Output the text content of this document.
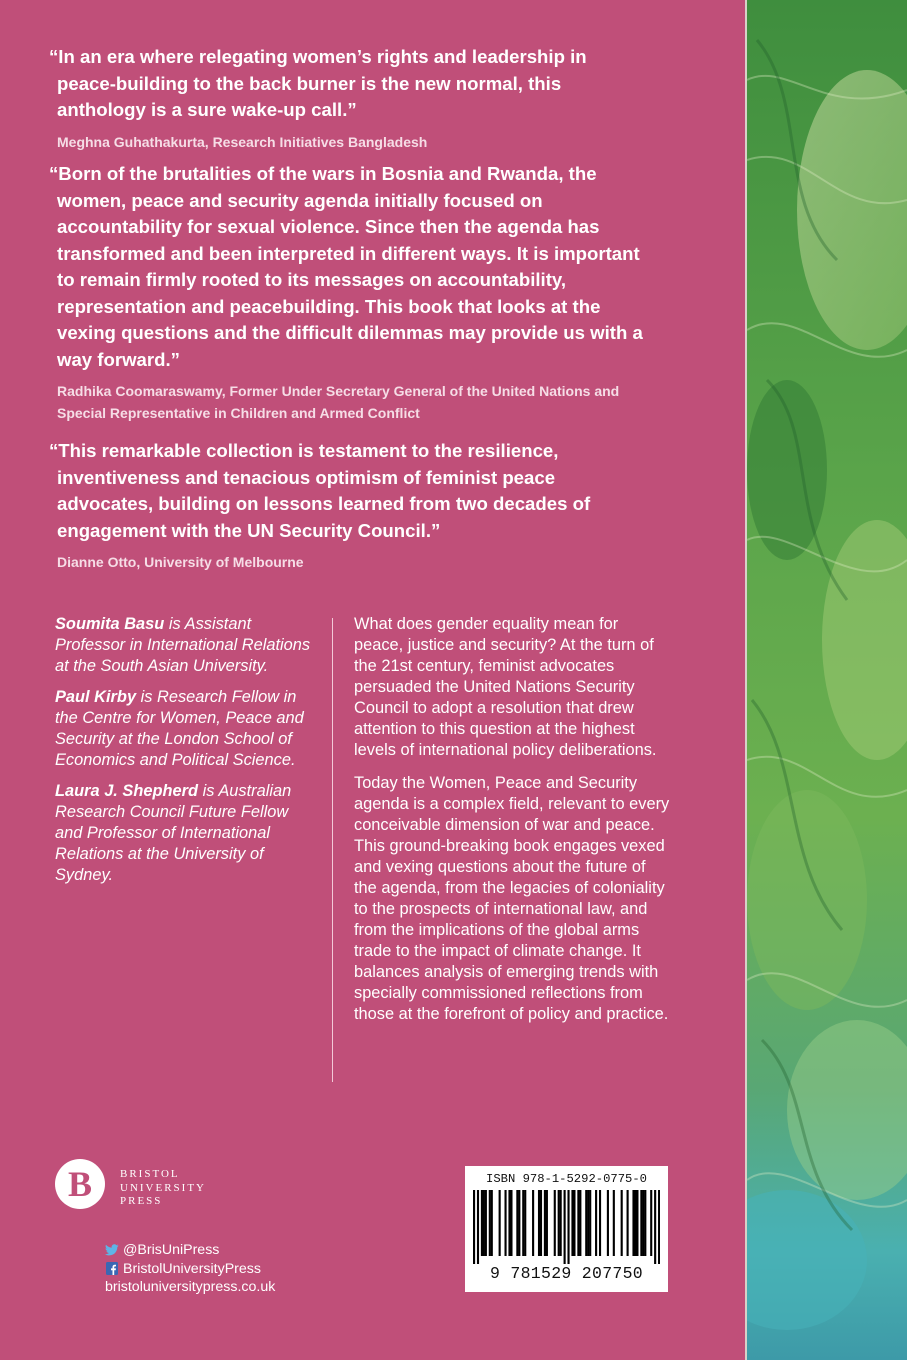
“In an era where relegating women’s rights and leadership in peace-building to the back burner is the new normal, this anthology is a sure wake-up call.”

Meghna Guhathakurta, Research Initiatives Bangladesh

“Born of the brutalities of the wars in Bosnia and Rwanda, the women, peace and security agenda initially focused on accountability for sexual violence. Since then the agenda has transformed and been interpreted in different ways. It is important to remain firmly rooted to its messages on accountability, representation and peacebuilding. This book that looks at the vexing questions and the difficult dilemmas may provide us with a way forward.”

Radhika Coomaraswamy, Former Under Secretary General of the United Nations and Special Representative in Children and Armed Conflict

“This remarkable collection is testament to the resilience, inventiveness and tenacious optimism of feminist peace advocates, building on lessons learned from two decades of engagement with the UN Security Council.”

Dianne Otto, University of Melbourne

Soumita Basu is Assistant Professor in International Relations at the South Asian University.

Paul Kirby is Research Fellow in the Centre for Women, Peace and Security at the London School of Economics and Political Science.

Laura J. Shepherd is Australian Research Council Future Fellow and Professor of International Relations at the University of Sydney.

What does gender equality mean for peace, justice and security? At the turn of the 21st century, feminist advocates persuaded the United Nations Security Council to adopt a resolution that drew attention to this question at the highest levels of international policy deliberations.

Today the Women, Peace and Security agenda is a complex field, relevant to every conceivable dimension of war and peace. This ground-breaking book engages vexed and vexing questions about the future of the agenda, from the legacies of coloniality to the prospects of international law, and from the implications of the global arms trade to the impact of climate change. It balances analysis of emerging trends with specially commissioned reflections from those at the forefront of policy and practice.

B	BRISTOL
UNIVERSITY
PRESS
@BrisUniPress
BristolUniversityPress
bristoluniversitypress.co.uk
ISBN 978-1-5292-0775-0
9 781529 207750
